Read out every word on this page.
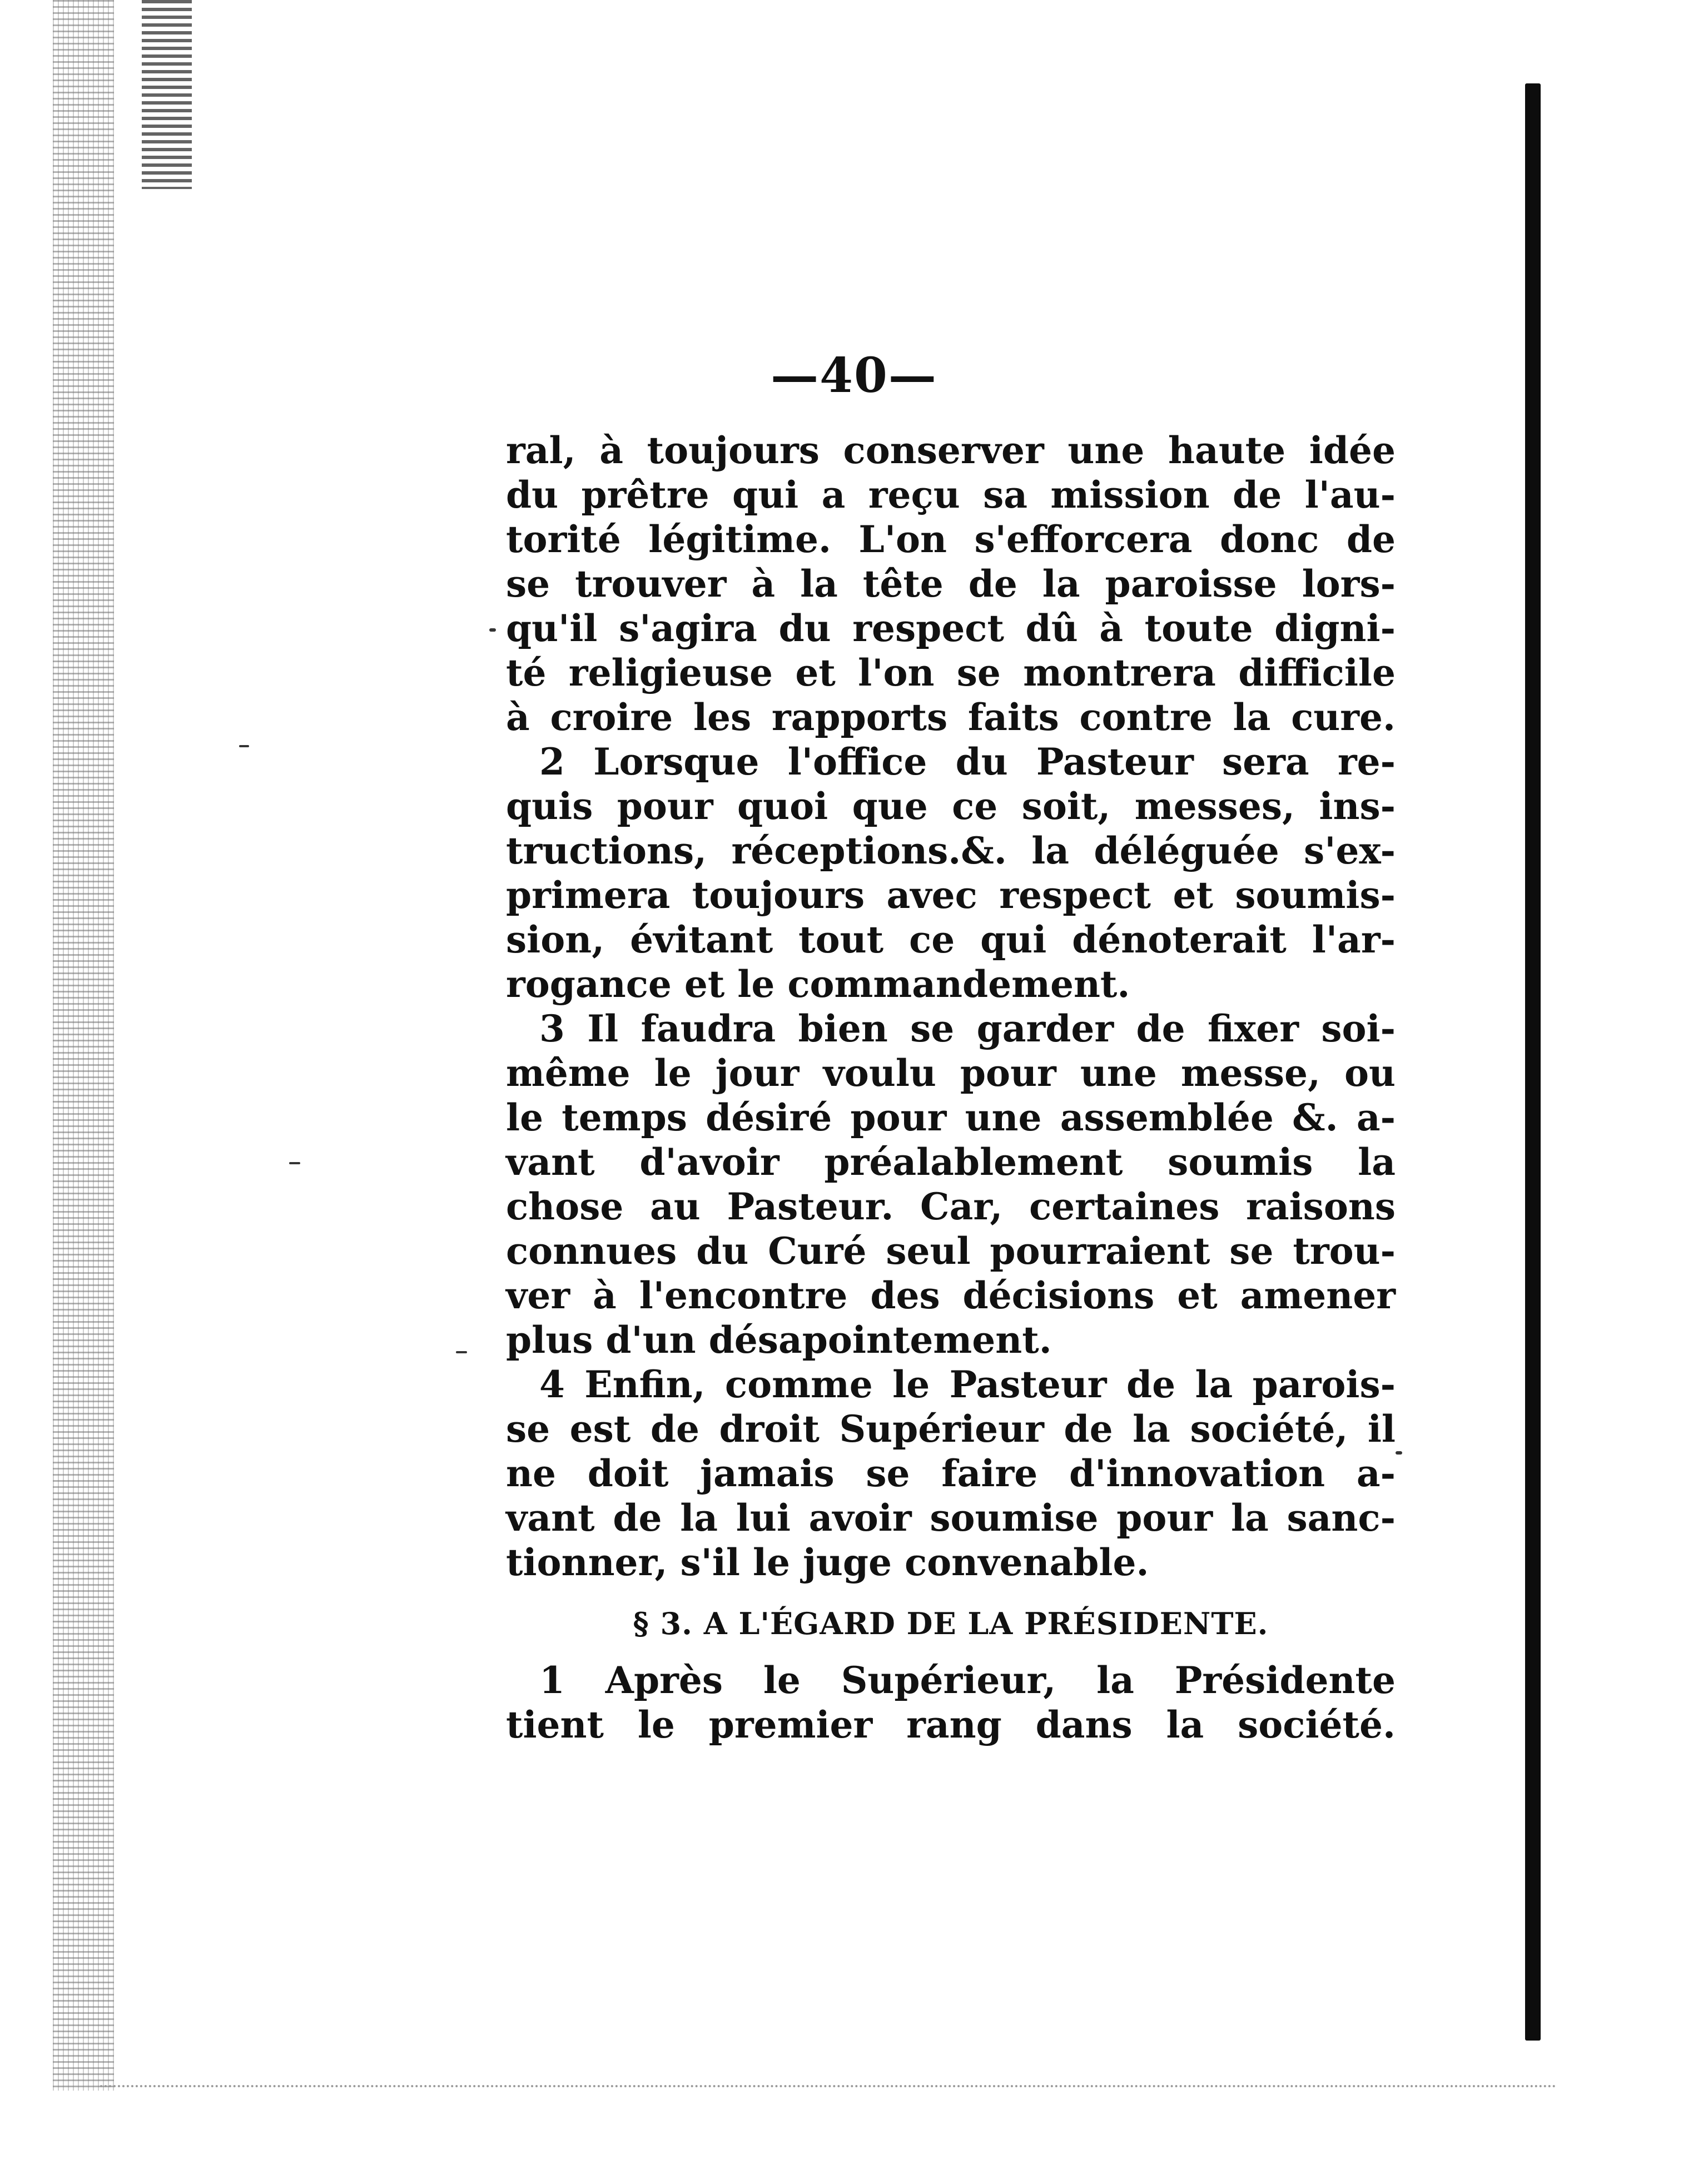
—40—
ral, à toujours conserver une haute idée
du prêtre qui a reçu sa mission de l'au-
torité légitime. L'on s'efforcera donc de
se trouver à la tête de la paroisse lors-
qu'il s'agira du respect dû à toute digni-
té religieuse et l'on se montrera difficile
à croire les rapports faits contre la cure.
2 Lorsque l'office du Pasteur sera re-
quis pour quoi que ce soit, messes, ins-
tructions, réceptions.&. la déléguée s'ex-
primera toujours avec respect et soumis-
sion, évitant tout ce qui dénoterait l'ar-
rogance et le commandement.
3 Il faudra bien se garder de fixer soi-
même le jour voulu pour une messe, ou
le temps désiré pour une assemblée &. a-
vant d'avoir préalablement soumis la
chose au Pasteur. Car, certaines raisons
connues du Curé seul pourraient se trou-
ver à l'encontre des décisions et amener
plus d'un désapointement.
4 Enfin, comme le Pasteur de la parois-
se est de droit Supérieur de la société, il
ne doit jamais se faire d'innovation a-
vant de la lui avoir soumise pour la sanc-
tionner, s'il le juge convenable.
§ 3. A L'ÉGARD DE LA PRÉSIDENTE.
1 Après le Supérieur, la Présidente
tient le premier rang dans la société.
